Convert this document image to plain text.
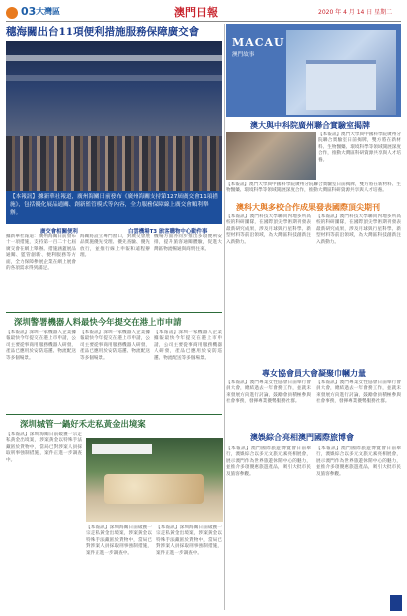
03 大灣區	澳門日報	2020 年 4 月 14 日 星期二
穗海關出台11項便利措施服務保障廣交會
【本報訊】據新華社報道，廣州海關日前發布《廣州海關支持第127屆廣交會11項措施》，包括優化展品通關、創新監管模式等內容，全力服務保障線上廣交會順利舉辦。
廣交會相關便利	白雲機場T3 旅客購物中心動件事
據新華社報道：廣州海關日前發布十一項措施，支持第一百二十七屆廣交會在網上舉辦。措施涵蓋展品通關、監管創新、便利服務等方面，全力保障參展企業在網上展會的各項需求得到滿足。
海關將設立專門窗口，對廣交會展品實施優先受理、優先查驗、優先放行，並推行線上申報和遠程辦理。
機場方面亦同步推出多項便利安排，提升旅客通關體驗，促進大灣區物流暢通與商貿往來。
MACAU
澳門故事
澳大與中科院廣州聯合實驗室揭牌
【本報訊】澳門大學與中國科學院廣州分院聯合實驗室日前揭牌，雙方將在新材料、生物醫藥、環境科學等領域開展深度合作，推動大灣區科研資源共享與人才培養。
【本報訊】澳門大學與中國科學院廣州分院聯合實驗室日前揭牌，雙方將在新材料、生物醫藥、環境科學等領域開展深度合作，推動大灣區科研資源共享與人才培養。
澳科大與多校合作成果發表國際頂尖期刊
【本報訊】澳門科技大學聯同內地多所高校的科研團隊，在國際頂尖學術期刊發表最新研究成果，涉及月球與行星科學、新型材料等前沿領域，為大灣區科技創新注入新動力。
【本報訊】澳門科技大學聯同內地多所高校的科研團隊，在國際頂尖學術期刊發表最新研究成果，涉及月球與行星科學、新型材料等前沿領域，為大灣區科技創新注入新動力。
專女協會員大會凝聚巾幗力量
【本報訊】澳門專業女性協會日前舉行會員大會，總結過去一年會務工作，並就未來發展方向進行討論，鼓勵會員積極參與社會事務，發揮專業優勢服務社群。
【本報訊】澳門專業女性協會日前舉行會員大會，總結過去一年會務工作，並就未來發展方向進行討論，鼓勵會員積極參與社會事務，發揮專業優勢服務社群。
澳娛綜合亮相澳門國際旅博會
【本報訊】澳門國際旅遊博覽會日前舉行，澳娛綜合以多元文旅元素亮相展會，展示澳門作為世界旅遊休閒中心的魅力，並推介多項優惠旅遊產品，吸引大批市民及旅客參觀。
【本報訊】澳門國際旅遊博覽會日前舉行，澳娛綜合以多元文旅元素亮相展會，展示澳門作為世界旅遊休閒中心的魅力，並推介多項優惠旅遊產品，吸引大批市民及旅客參觀。
深圳警署機器人料最快今年提交在港上市申請
【本報訊】深圳一家機器人企業據報最快今年提交在港上市申請，公司主要從事商用服務機器人研發，產品已應用於安防巡邏、物流配送等多個場景。
【本報訊】深圳一家機器人企業據報最快今年提交在港上市申請，公司主要從事商用服務機器人研發，產品已應用於安防巡邏、物流配送等多個場景。
【本報訊】深圳一家機器人企業據報最快今年提交在港上市申請，公司主要從事商用服務機器人研發，產品已應用於安防巡邏、物流配送等多個場景。
深圳城管一鍋好禾走私黃金出境案
【本報訊】深圳海關日前破獲一宗走私黃金出境案，涉案黃金以特殊手法藏匿於貨物中，當局已對涉案人員採取刑事強制措施，案件正進一步調查中。
【本報訊】深圳海關日前破獲一宗走私黃金出境案，涉案黃金以特殊手法藏匿於貨物中，當局已對涉案人員採取刑事強制措施，案件正進一步調查中。
【本報訊】深圳海關日前破獲一宗走私黃金出境案，涉案黃金以特殊手法藏匿於貨物中，當局已對涉案人員採取刑事強制措施，案件正進一步調查中。
